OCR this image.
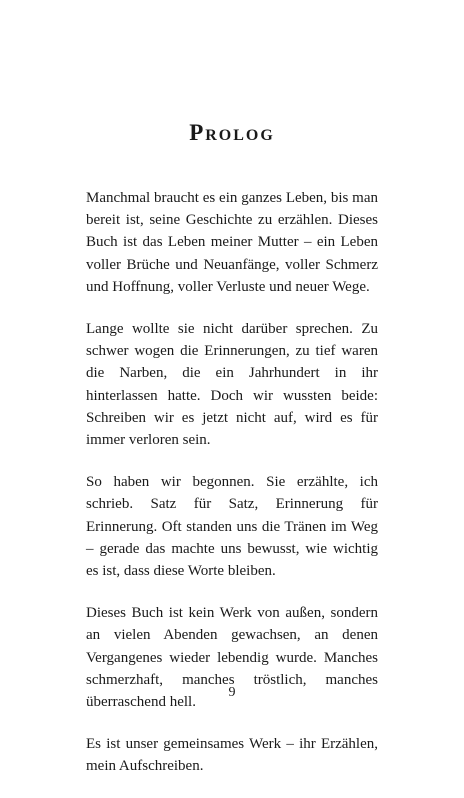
Prolog

Manchmal braucht es ein ganzes Leben, bis man bereit ist, seine Geschichte zu erzählen. Dieses Buch ist das Leben meiner Mutter – ein Leben voller Brüche und Neuanfänge, voller Schmerz und Hoffnung, voller Verluste und neuer Wege.

Lange wollte sie nicht darüber sprechen. Zu schwer wogen die Erinnerungen, zu tief waren die Narben, die ein Jahrhundert in ihr hinterlassen hatte. Doch wir wussten beide: Schreiben wir es jetzt nicht auf, wird es für immer verloren sein.

So haben wir begonnen. Sie erzählte, ich schrieb. Satz für Satz, Erinnerung für Erinnerung. Oft standen uns die Tränen im Weg – gerade das machte uns bewusst, wie wichtig es ist, dass diese Worte bleiben.

Dieses Buch ist kein Werk von außen, sondern an vielen Abenden gewachsen, an denen Vergangenes wieder lebendig wurde. Manches schmerzhaft, manches tröstlich, manches überraschend hell.

Es ist unser gemeinsames Werk – ihr Erzählen, mein Aufschreiben.

9
